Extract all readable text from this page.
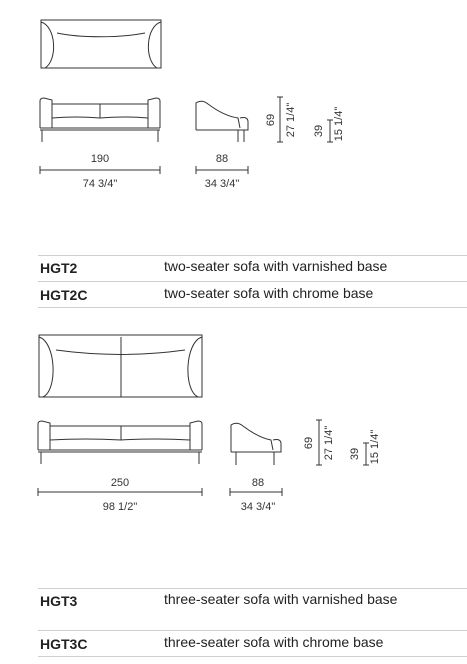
190
74 3/4"
88
34 3/4"
69 27 1/4" 39 15 1/4"
250
98 1/2"
88
34 3/4"
69 27 1/4" 39 15 1/4"
HGT2	two-seater sofa with varnished base
HGT2C	two-seater sofa with chrome base
HGT3	three-seater sofa with varnished base
HGT3C	three-seater sofa with chrome base
